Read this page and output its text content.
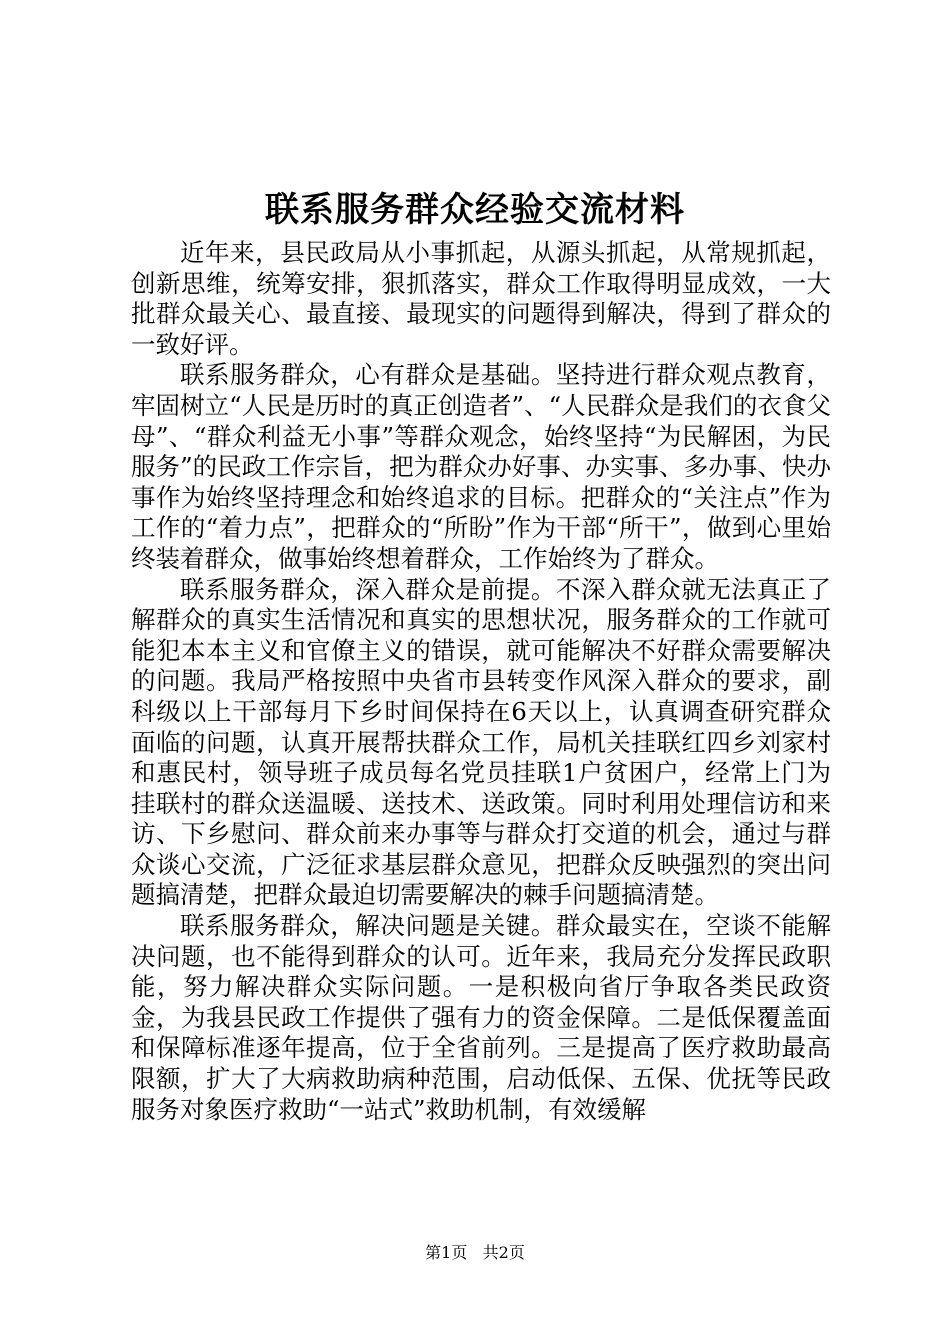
联系服务群众经验交流材料

近年来，县民政局从小事抓起，从源头抓起，从常规抓起，创新思维，统筹安排，狠抓落实，群众工作取得明显成效，一大批群众最关心、最直接、最现实的问题得到解决，得到了群众的一致好评。

联系服务群众，心有群众是基础。坚持进行群众观点教育，牢固树立“人民是历时的真正创造者”、“人民群众是我们的衣食父母”、“群众利益无小事”等群众观念，始终坚持“为民解困，为民服务”的民政工作宗旨，把为群众办好事、办实事、多办事、快办事作为始终坚持理念和始终追求的目标。把群众的“关注点”作为工作的“着力点”，把群众的“所盼”作为干部“所干”，做到心里始终装着群众，做事始终想着群众，工作始终为了群众。

联系服务群众，深入群众是前提。不深入群众就无法真正了解群众的真实生活情况和真实的思想状况，服务群众的工作就可能犯本本主义和官僚主义的错误，就可能解决不好群众需要解决的问题。我局严格按照中央省市县转变作风深入群众的要求，副科级以上干部每月下乡时间保持在6天以上，认真调查研究群众面临的问题，认真开展帮扶群众工作，局机关挂联红四乡刘家村和惠民村，领导班子成员每名党员挂联1户贫困户，经常上门为挂联村的群众送温暖、送技术、送政策。同时利用处理信访和来访、下乡慰问、群众前来办事等与群众打交道的机会，通过与群众谈心交流，广泛征求基层群众意见，把群众反映强烈的突出问题搞清楚，把群众最迫切需要解决的棘手问题搞清楚。

联系服务群众，解决问题是关键。群众最实在，空谈不能解决问题，也不能得到群众的认可。近年来，我局充分发挥民政职能，努力解决群众实际问题。一是积极向省厅争取各类民政资金，为我县民政工作提供了强有力的资金保障。二是低保覆盖面和保障标准逐年提高，位于全省前列。三是提高了医疗救助最高限额，扩大了大病救助病种范围，启动低保、五保、优抚等民政服务对象医疗救助“一站式”救助机制，有效缓解

第1页 共2页
